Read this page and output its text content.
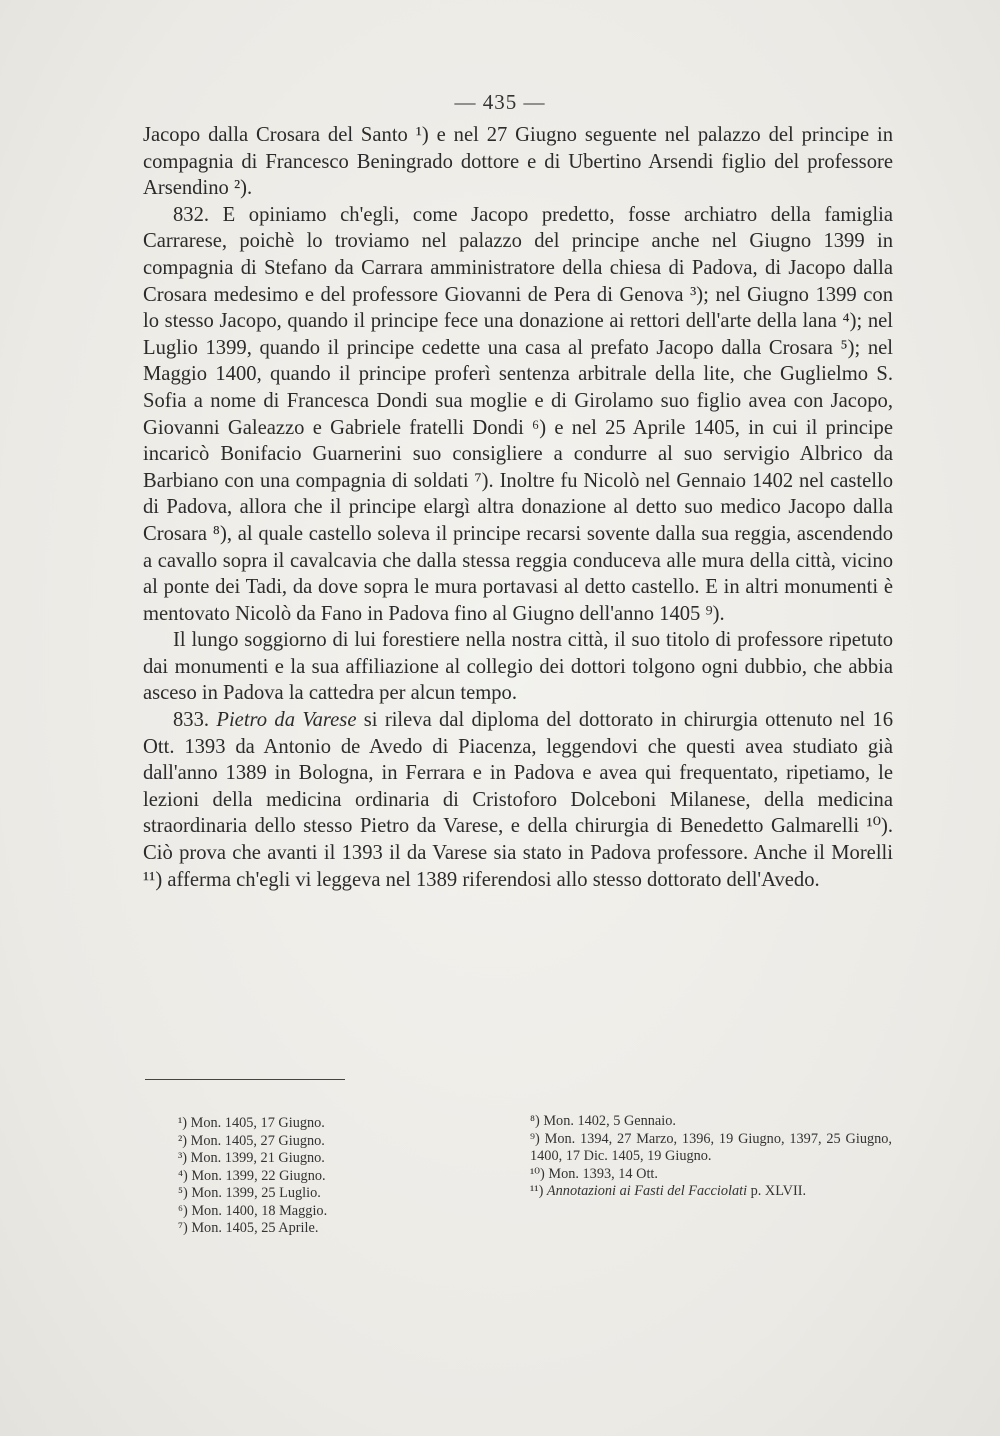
— 435 —

Jacopo dalla Crosara del Santo ¹) e nel 27 Giugno seguente nel palazzo del principe in compagnia di Francesco Beningrado dottore e di Ubertino Arsendi figlio del professore Arsendino ²).

832. E opiniamo ch'egli, come Jacopo predetto, fosse archiatro della famiglia Carrarese, poichè lo troviamo nel palazzo del principe anche nel Giugno 1399 in compagnia di Stefano da Carrara amministratore della chiesa di Padova, di Jacopo dalla Crosara medesimo e del professore Giovanni de Pera di Genova ³); nel Giugno 1399 con lo stesso Jacopo, quando il principe fece una donazione ai rettori dell'arte della lana ⁴); nel Luglio 1399, quando il principe cedette una casa al prefato Jacopo dalla Crosara ⁵); nel Maggio 1400, quando il principe proferì sentenza arbitrale della lite, che Guglielmo S. Sofia a nome di Francesca Dondi sua moglie e di Girolamo suo figlio avea con Jacopo, Giovanni Galeazzo e Gabriele fratelli Dondi ⁶) e nel 25 Aprile 1405, in cui il principe incaricò Bonifacio Guarnerini suo consigliere a condurre al suo servigio Albrico da Barbiano con una compagnia di soldati ⁷). Inoltre fu Nicolò nel Gennaio 1402 nel castello di Padova, allora che il principe elargì altra donazione al detto suo medico Jacopo dalla Crosara ⁸), al quale castello soleva il principe recarsi sovente dalla sua reggia, ascendendo a cavallo sopra il cavalcavia che dalla stessa reggia conduceva alle mura della città, vicino al ponte dei Tadi, da dove sopra le mura portavasi al detto castello. E in altri monumenti è mentovato Nicolò da Fano in Padova fino al Giugno dell'anno 1405 ⁹).

Il lungo soggiorno di lui forestiere nella nostra città, il suo titolo di professore ripetuto dai monumenti e la sua affiliazione al collegio dei dottori tolgono ogni dubbio, che abbia asceso in Padova la cattedra per alcun tempo.

833. Pietro da Varese si rileva dal diploma del dottorato in chirurgia ottenuto nel 16 Ott. 1393 da Antonio de Avedo di Piacenza, leggendovi che questi avea studiato già dall'anno 1389 in Bologna, in Ferrara e in Padova e avea qui frequentato, ripetiamo, le lezioni della medicina ordinaria di Cristoforo Dolceboni Milanese, della medicina straordinaria dello stesso Pietro da Varese, e della chirurgia di Benedetto Galmarelli ¹⁰). Ciò prova che avanti il 1393 il da Varese sia stato in Padova professore. Anche il Morelli ¹¹) afferma ch'egli vi leggeva nel 1389 riferendosi allo stesso dottorato dell'Avedo.

¹) Mon. 1405, 17 Giugno.

²) Mon. 1405, 27 Giugno.

³) Mon. 1399, 21 Giugno.

⁴) Mon. 1399, 22 Giugno.

⁵) Mon. 1399, 25 Luglio.

⁶) Mon. 1400, 18 Maggio.

⁷) Mon. 1405, 25 Aprile.

⁸) Mon. 1402, 5 Gennaio.

⁹) Mon. 1394, 27 Marzo, 1396, 19 Giugno, 1397, 25 Giugno, 1400, 17 Dic. 1405, 19 Giugno.

¹⁰) Mon. 1393, 14 Ott.

¹¹) Annotazioni ai Fasti del Facciolati p. XLVII.
